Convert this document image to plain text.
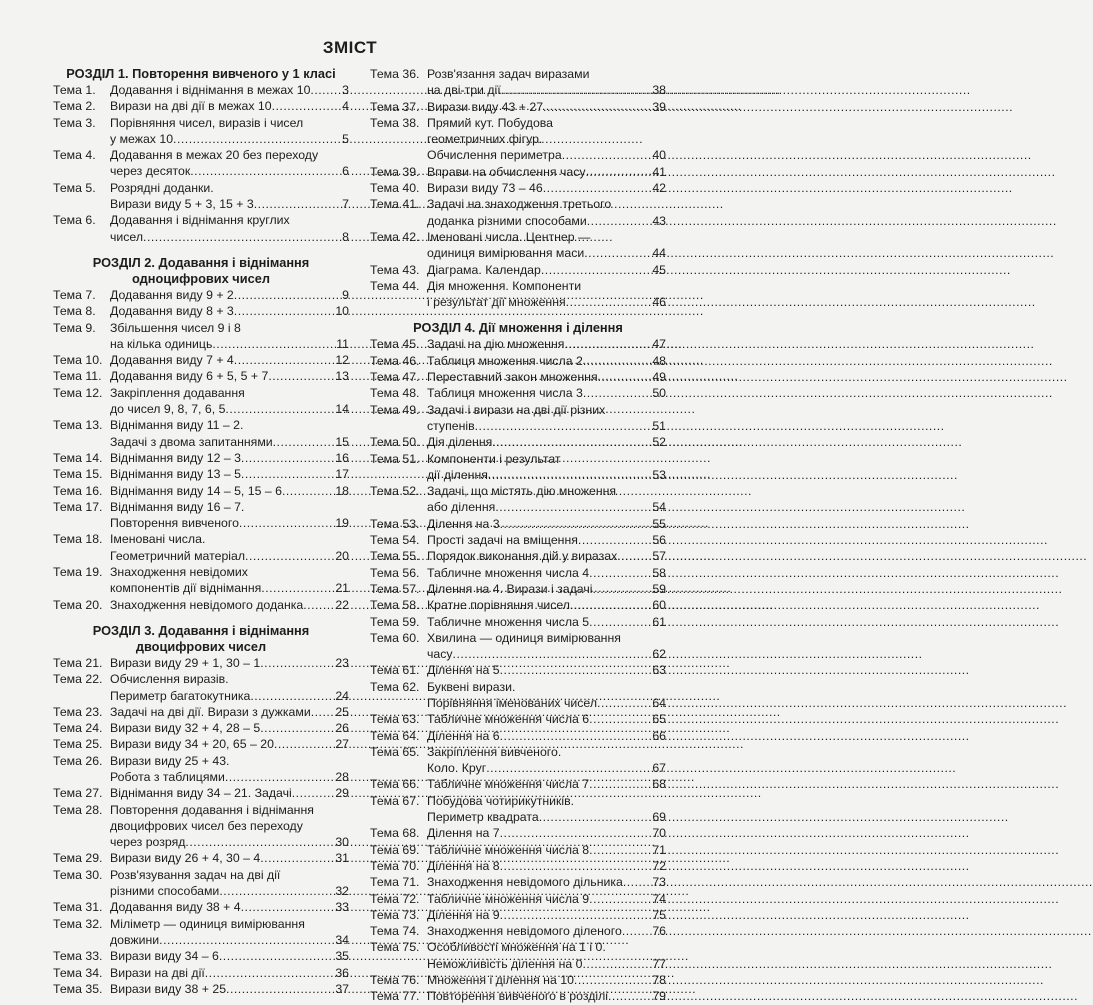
ЗМІСТ
РОЗДІЛ 1. Повторення вивченого у 1 класі
Тема 1.	Додавання і віднімання в межах 10 .....	3
Тема 2.	Вирази на дві дії в межах 10 .....	4
Тема 3.	Порівняння чисел, виразів і чисел
у межах 10 .....	5
Тема 4.	Додавання в межах 20 без переходу
через десяток .....	6
Тема 5.	Розрядні доданки.
Вирази виду 5 + 3, 15 + 3 .....	7
Тема 6.	Додавання і віднімання круглих
чисел .....	8
РОЗДІЛ 2. Додавання і віднімання
одноцифрових чисел
Тема 7.	Додавання виду 9 + 2 .....	9
Тема 8.	Додавання виду 8 + 3 .....	10
Тема 9.	Збільшення чисел 9 і 8
на кілька одиниць .....	11
Тема 10. Додавання виду 7 + 4 .....	12
Тема 11. Додавання виду 6 + 5, 5 + 7 .....	13
Тема 12. Закріплення додавання
до чисел 9, 8, 7, 6, 5 .....	14
Тема 13. Віднімання виду 11 – 2.
Задачі з двома запитаннями .....	15
Тема 14. Віднімання виду 12 – 3 .....	16
Тема 15. Віднімання виду 13 – 5 .....	17
Тема 16. Віднімання виду 14 – 5, 15 – 6 .....	18
Тема 17. Віднімання виду 16 – 7.
Повторення вивченого .....	19
Тема 18. Іменовані числа.
Геометричний матеріал .....	20
Тема 19. Знаходження невідомих
компонентів дії віднімання .....	21
Тема 20. Знаходження невідомого доданка .....	22
РОЗДІЛ 3. Додавання і віднімання
двоцифрових чисел
Тема 21. Вирази виду 29 + 1, 30 – 1 .....	23
Тема 22. Обчислення виразів.
Периметр багатокутника .....	24
Тема 23. Задачі на дві дії. Вирази з дужками ..... 25
Тема 24. Вирази виду 32 + 4, 28 – 5 .....	26
Тема 25. Вирази виду 34 + 20, 65 – 20 .....	27
Тема 26. Вирази виду 25 + 43.
Робота з таблицями .....	28
Тема 27. Віднімання виду 34 – 21. Задачі .....	29
Тема 28. Повторення додавання і віднімання
двоцифрових чисел без переходу
через розряд .....	30
Тема 29. Вирази виду 26 + 4, 30 – 4 .....	31
Тема 30. Розв'язування задач на дві дії
різними способами .....	32
Тема 31. Додавання виду 38 + 4 .....	33
Тема 32. Міліметр — одиниця вимірювання
довжини .....	34
Тема 33. Вирази виду 34 – 6 .....	35
Тема 34. Вирази на дві дії .....	36
Тема 35. Вирази виду 38 + 25 .....	37
Тема 36. Розв'язання задач виразами
на дві-три дії .....	38
Тема 37. Вирази виду 43 + 27 .....	39
Тема 38. Прямий кут. Побудова
геометричних фігур.
Обчислення периметра .....	40
Тема 39. Вправи на обчислення часу .....	41
Тема 40. Вирази виду 73 – 46 .....	42
Тема 41. Задачі на знаходження третього
доданка різними способами .....	43
Тема 42. Іменовані числа. Центнер —
одиниця вимірювання маси .....	44
Тема 43. Діаграма. Календар .....	45
Тема 44. Дія множення. Компоненти
і результат дії множення .....	46
РОЗДІЛ 4. Дії множення і ділення
Тема 45. Задачі на дію множення .....	47
Тема 46. Таблиця множення числа 2 .....	48
Тема 47. Переставний закон множення .....	49
Тема 48. Таблиця множення числа 3 .....	50
Тема 49. Задачі і вирази на дві дії різних
ступенів .....	51
Тема 50. Дія ділення .....	52
Тема 51. Компоненти і результат
дії ділення .....	53
Тема 52. Задачі, що містять дію множення
або ділення .....	54
Тема 53. Ділення на 3 .....	55
Тема 54. Прості задачі на вміщення .....	56
Тема 55. Порядок виконання дій у виразах .....	57
Тема 56. Табличне множення числа 4 .....	58
Тема 57. Ділення на 4. Вирази і задачі .....	59
Тема 58. Кратне порівняння чисел .....	60
Тема 59. Табличне множення числа 5 .....	61
Тема 60. Хвилина — одиниця вимірювання
часу .....	62
Тема 61. Ділення на 5 .....	63
Тема 62. Буквені вирази.
Порівняння іменованих чисел .....	64
Тема 63. Табличне множення числа 6 .....	65
Тема 64. Ділення на 6 .....	66
Тема 65. Закріплення вивченого.
Коло. Круг .....	67
Тема 66. Табличне множення числа 7 .....	68
Тема 67. Побудова чотирикутників.
Периметр квадрата .....	69
Тема 68. Ділення на 7 .....	70
Тема 69. Табличне множення числа 8 .....	71
Тема 70. Ділення на 8 .....	72
Тема 71. Знаходження невідомого дільника ..... 73
Тема 72. Табличне множення числа 9 .....	74
Тема 73. Ділення на 9 .....	75
Тема 74. Знаходження невідомого діленого ..... 76
Тема 75. Особливості множення на 1 і 0.
Неможливість ділення на 0 .....	77
Тема 76. Множення і ділення на 10 .....	78
Тема 77. Повторення вивченого в розділі .....	79
